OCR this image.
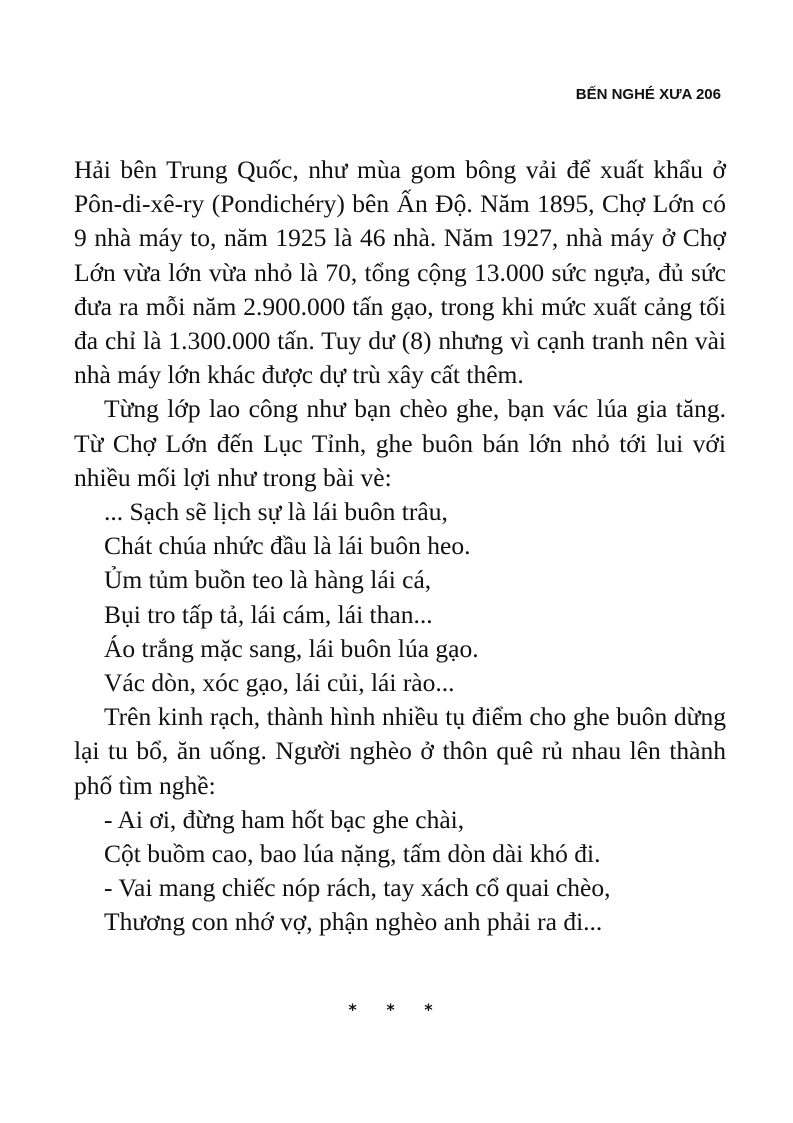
BẾN NGHÉ XƯA 206

Hải bên Trung Quốc, như mùa gom bông vải để xuất khẩu ở Pôn-di-xê-ry (Pondichéry) bên Ấn Độ. Năm 1895, Chợ Lớn có 9 nhà máy to, năm 1925 là 46 nhà. Năm 1927, nhà máy ở Chợ Lớn vừa lớn vừa nhỏ là 70, tổng cộng 13.000 sức ngựa, đủ sức đưa ra mỗi năm 2.900.000 tấn gạo, trong khi mức xuất cảng tối đa chỉ là 1.300.000 tấn. Tuy dư (8) nhưng vì cạnh tranh nên vài nhà máy lớn khác được dự trù xây cất thêm.

Từng lớp lao công như bạn chèo ghe, bạn vác lúa gia tăng. Từ Chợ Lớn đến Lục Tỉnh, ghe buôn bán lớn nhỏ tới lui với nhiều mối lợi như trong bài vè:

... Sạch sẽ lịch sự là lái buôn trâu,

Chát chúa nhức đầu là lái buôn heo.

Ủm tủm buồn teo là hàng lái cá,

Bụi tro tấp tả, lái cám, lái than...

Áo trắng mặc sang, lái buôn lúa gạo.

Vác dòn, xóc gạo, lái củi, lái rào...

Trên kinh rạch, thành hình nhiều tụ điểm cho ghe buôn dừng lại tu bổ, ăn uống. Người nghèo ở thôn quê rủ nhau lên thành phố tìm nghề:

- Ai ơi, đừng ham hốt bạc ghe chài,

Cột buồm cao, bao lúa nặng, tấm dòn dài khó đi.

- Vai mang chiếc nóp rách, tay xách cổ quai chèo,

Thương con nhớ vợ, phận nghèo anh phải ra đi...

* * *
